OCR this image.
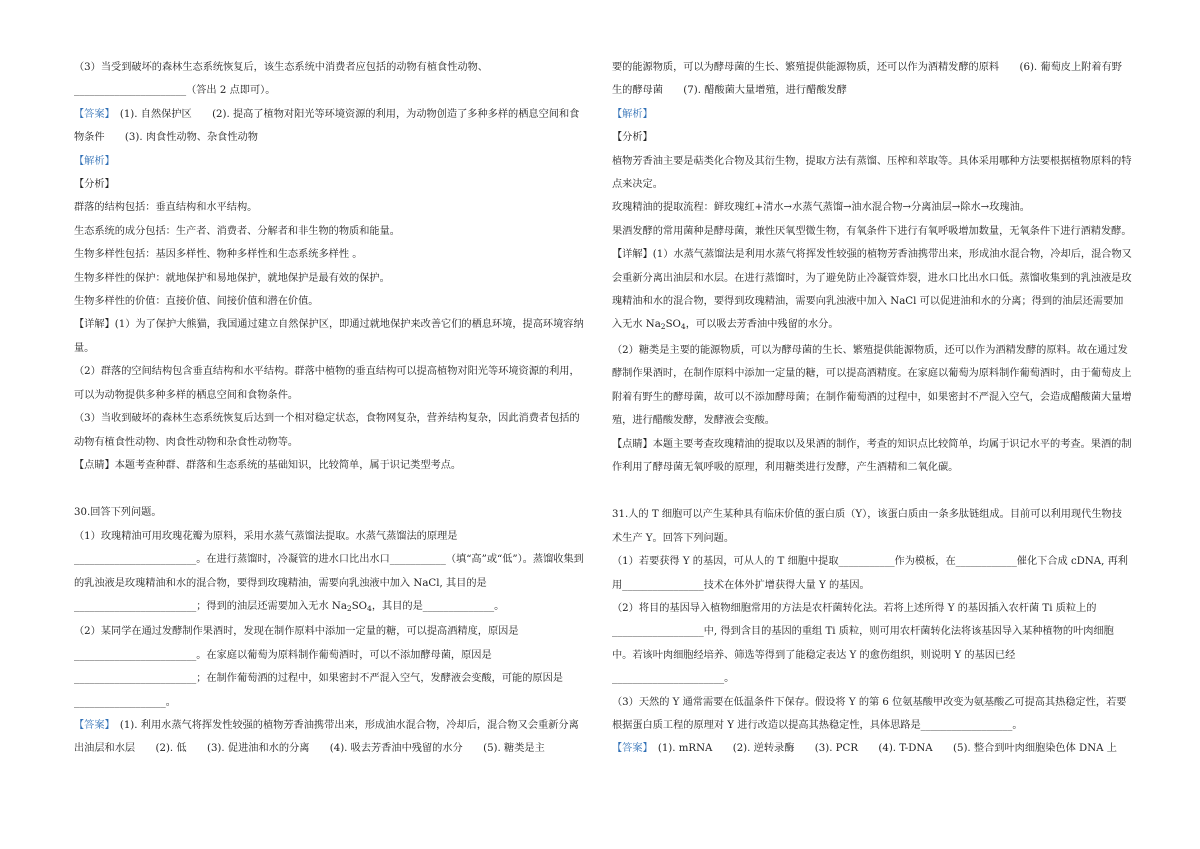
（3）当受到破坏的森林生态系统恢复后，该生态系统中消费者应包括的动物有植食性动物、

______________________（答出 2 点即可）。

【答案】　 (1). 自然保护区　　(2). 提高了植物对阳光等环境资源的利用，为动物创造了多种多样的栖息空间和食物条件　　(3). 肉食性动物、杂食性动物

【解析】

【分析】

群落的结构包括：垂直结构和水平结构。

生态系统的成分包括：生产者、消费者、分解者和非生物的物质和能量。

生物多样性包括：基因多样性、物种多样性和生态系统多样性 。

生物多样性的保护：就地保护和易地保护，就地保护是最有效的保护。

生物多样性的价值：直接价值、间接价值和潜在价值。

【详解】(1）为了保护大熊猫，我国通过建立自然保护区，即通过就地保护来改善它们的栖息环境，提高环境容纳量。

（2）群落的空间结构包含垂直结构和水平结构。群落中植物的垂直结构可以提高植物对阳光等环境资源的利用，可以为动物提供多种多样的栖息空间和食物条件。

（3）当收到破坏的森林生态系统恢复后达到一个相对稳定状态，食物网复杂，营养结构复杂，因此消费者包括的动物有植食性动物、肉食性动物和杂食性动物等。

【点睛】本题考查种群、群落和生态系统的基础知识，比较简单，属于识记类型考点。

30.回答下列问题。

（1）玫瑰精油可用玫瑰花瓣为原料，采用水蒸气蒸馏法提取。水蒸气蒸馏法的原理是

________________________。在进行蒸馏时，冷凝管的进水口比出水口___________（填“高”或“低”）。蒸馏收集到的乳浊液是玫瑰精油和水的混合物，要得到玫瑰精油，需要向乳浊液中加入 NaCl, 其目的是________________________；得到的油层还需要加入无水 $Na_2SO_4$，其目的是______________。

（2）某同学在通过发酵制作果酒时，发现在制作原料中添加一定量的糖，可以提高酒精度，原因是________________________。在家庭以葡萄为原料制作葡萄酒时，可以不添加酵母菌，原因是________________________；在制作葡萄酒的过程中，如果密封不严混入空气，发酵液会变酸，可能的原因是__________________。

【答案】　 (1). 利用水蒸气将挥发性较强的植物芳香油携带出来，形成油水混合物，冷却后，混合物又会重新分离出油层和水层　　(2). 低　　(3). 促进油和水的分离　　(4). 吸去芳香油中残留的水分　　(5). 糖类是主

要的能源物质，可以为酵母菌的生长、繁殖提供能源物质，还可以作为酒精发酵的原料　　(6). 葡萄皮上附着有野生的酵母菌　　(7). 醋酸菌大量增殖，进行醋酸发酵

【解析】

【分析】

植物芳香油主要是萜类化合物及其衍生物，提取方法有蒸馏、压榨和萃取等。具体采用哪种方法要根据植物原料的特点来决定。

玫瑰精油的提取流程：鲜玫瑰红+清水→水蒸气蒸馏→油水混合物→分离油层→除水→玫瑰油。

果酒发酵的常用菌种是酵母菌，兼性厌氧型微生物，有氧条件下进行有氧呼吸增加数量，无氧条件下进行酒精发酵。

【详解】(1）水蒸气蒸馏法是利用水蒸气将挥发性较强的植物芳香油携带出来，形成油水混合物，冷却后，混合物又会重新分离出油层和水层。在进行蒸馏时，为了避免防止冷凝管炸裂，进水口比出水口低。蒸馏收集到的乳浊液是玫瑰精油和水的混合物，要得到玫瑰精油，需要向乳浊液中加入 NaCl 可以促进油和水的分离；得到的油层还需要加入无水 $Na_2SO_4$，可以吸去芳香油中残留的水分。

（2）糖类是主要的能源物质，可以为酵母菌的生长、繁殖提供能源物质，还可以作为酒精发酵的原料。故在通过发酵制作果酒时，在制作原料中添加一定量的糖，可以提高酒精度。在家庭以葡萄为原料制作葡萄酒时，由于葡萄皮上附着有野生的酵母菌，故可以不添加酵母菌；在制作葡萄酒的过程中，如果密封不严混入空气，会造成醋酸菌大量增殖，进行醋酸发酵，发酵液会变酸。

【点睛】本题主要考查玫瑰精油的提取以及果酒的制作，考查的知识点比较简单，均属于识记水平的考查。果酒的制作利用了酵母菌无氧呼吸的原理，利用糖类进行发酵，产生酒精和二氧化碳。

31.人的 T 细胞可以产生某种具有临床价值的蛋白质（Y），该蛋白质由一条多肽链组成。目前可以利用现代生物技术生产 Y。回答下列问题。

（1）若要获得 Y 的基因，可从人的 T 细胞中提取___________作为模板，在____________催化下合成 cDNA, 再利用________________技术在体外扩增获得大量 Y 的基因。

（2）将目的基因导入植物细胞常用的方法是农杆菌转化法。若将上述所得 Y 的基因插入农杆菌 Ti 质粒上的__________________中, 得到含目的基因的重组 Ti 质粒，则可用农杆菌转化法将该基因导入某种植物的叶肉细胞中。若该叶肉细胞经培养、筛选等得到了能稳定表达 Y 的愈伤组织，则说明 Y 的基因已经______________________。

（3）天然的 Y 通常需要在低温条件下保存。假设将 Y 的第 6 位氨基酸甲改变为氨基酸乙可提高其热稳定性，若要根据蛋白质工程的原理对 Y 进行改造以提高其热稳定性，具体思路是__________________。

【答案】　 (1). mRNA　　(2). 逆转录酶　　(3). PCR　　(4). T-DNA　　(5). 整合到叶肉细胞染色体 DNA 上
